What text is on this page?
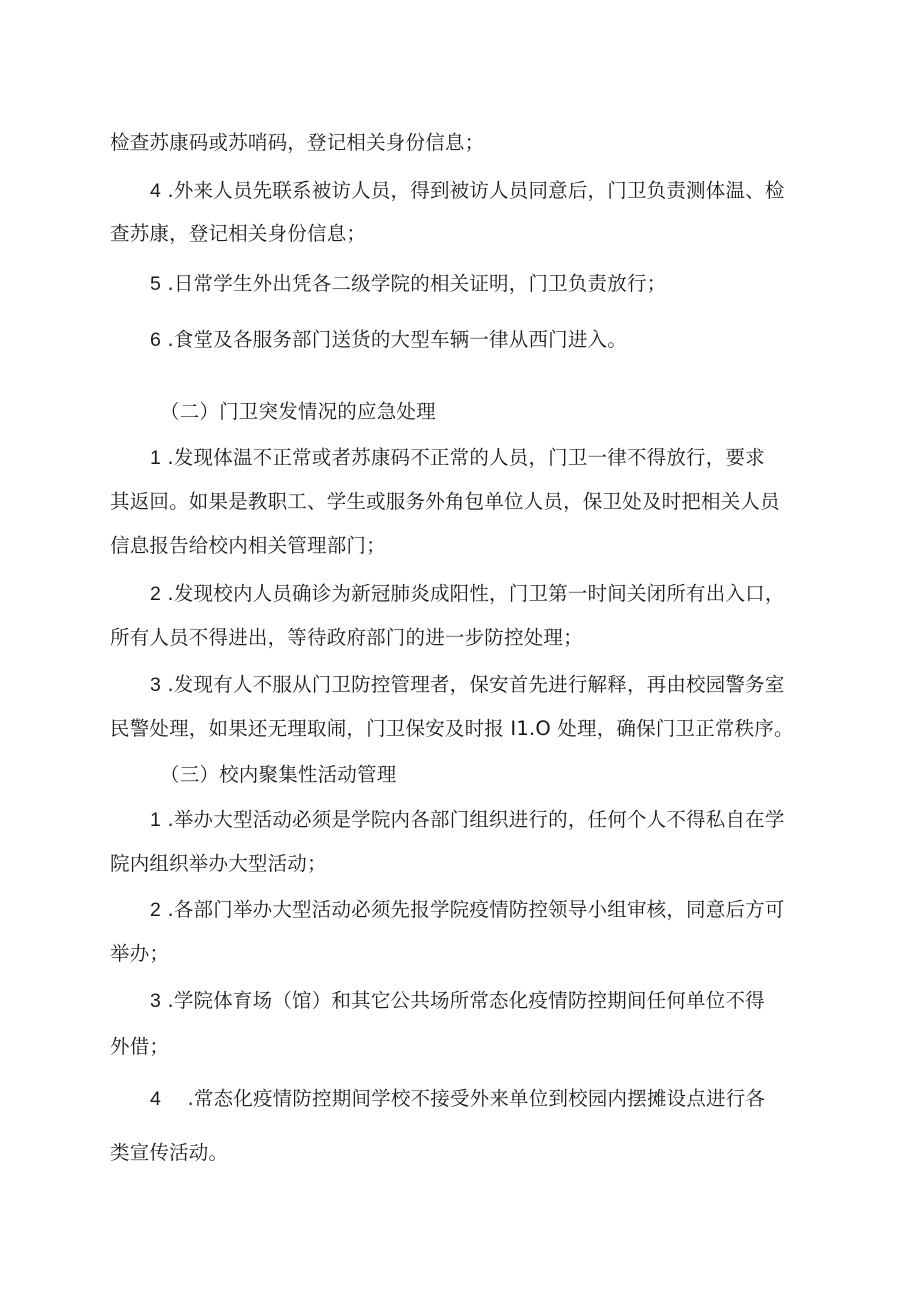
检查苏康码或苏哨码，登记相关身份信息；
4 .外来人员先联系被访人员，得到被访人员同意后，门卫负责测体温、检
查苏康，登记相关身份信息；
5 .日常学生外出凭各二级学院的相关证明，门卫负责放行；
6 .食堂及各服务部门送货的大型车辆一律从西门进入。
（二）门卫突发情况的应急处理
1 .发现体温不正常或者苏康码不正常的人员，门卫一律不得放行，要求
其返回。如果是教职工、学生或服务外角包单位人员，保卫处及时把相关人员
信息报告给校内相关管理部门；
2 .发现校内人员确诊为新冠肺炎成阳性，门卫第一时间关闭所有出入口，
所有人员不得进出，等待政府部门的进一步防控处理；
3 .发现有人不服从门卫防控管理者，保安首先进行解释，再由校园警务室
民警处理，如果还无理取闹，门卫保安及时报 I1.O 处理，确保门卫正常秩序。
（三）校内聚集性活动管理
1 .举办大型活动必须是学院内各部门组织进行的，任何个人不得私自在学
院内组织举办大型活动；
2 .各部门举办大型活动必须先报学院疫情防控领导小组审核，同意后方可
举办；
3 .学院体育场（馆）和其它公共场所常态化疫情防控期间任何单位不得
外借；
4 .常态化疫情防控期间学校不接受外来单位到校园内摆摊设点进行各
类宣传活动。
